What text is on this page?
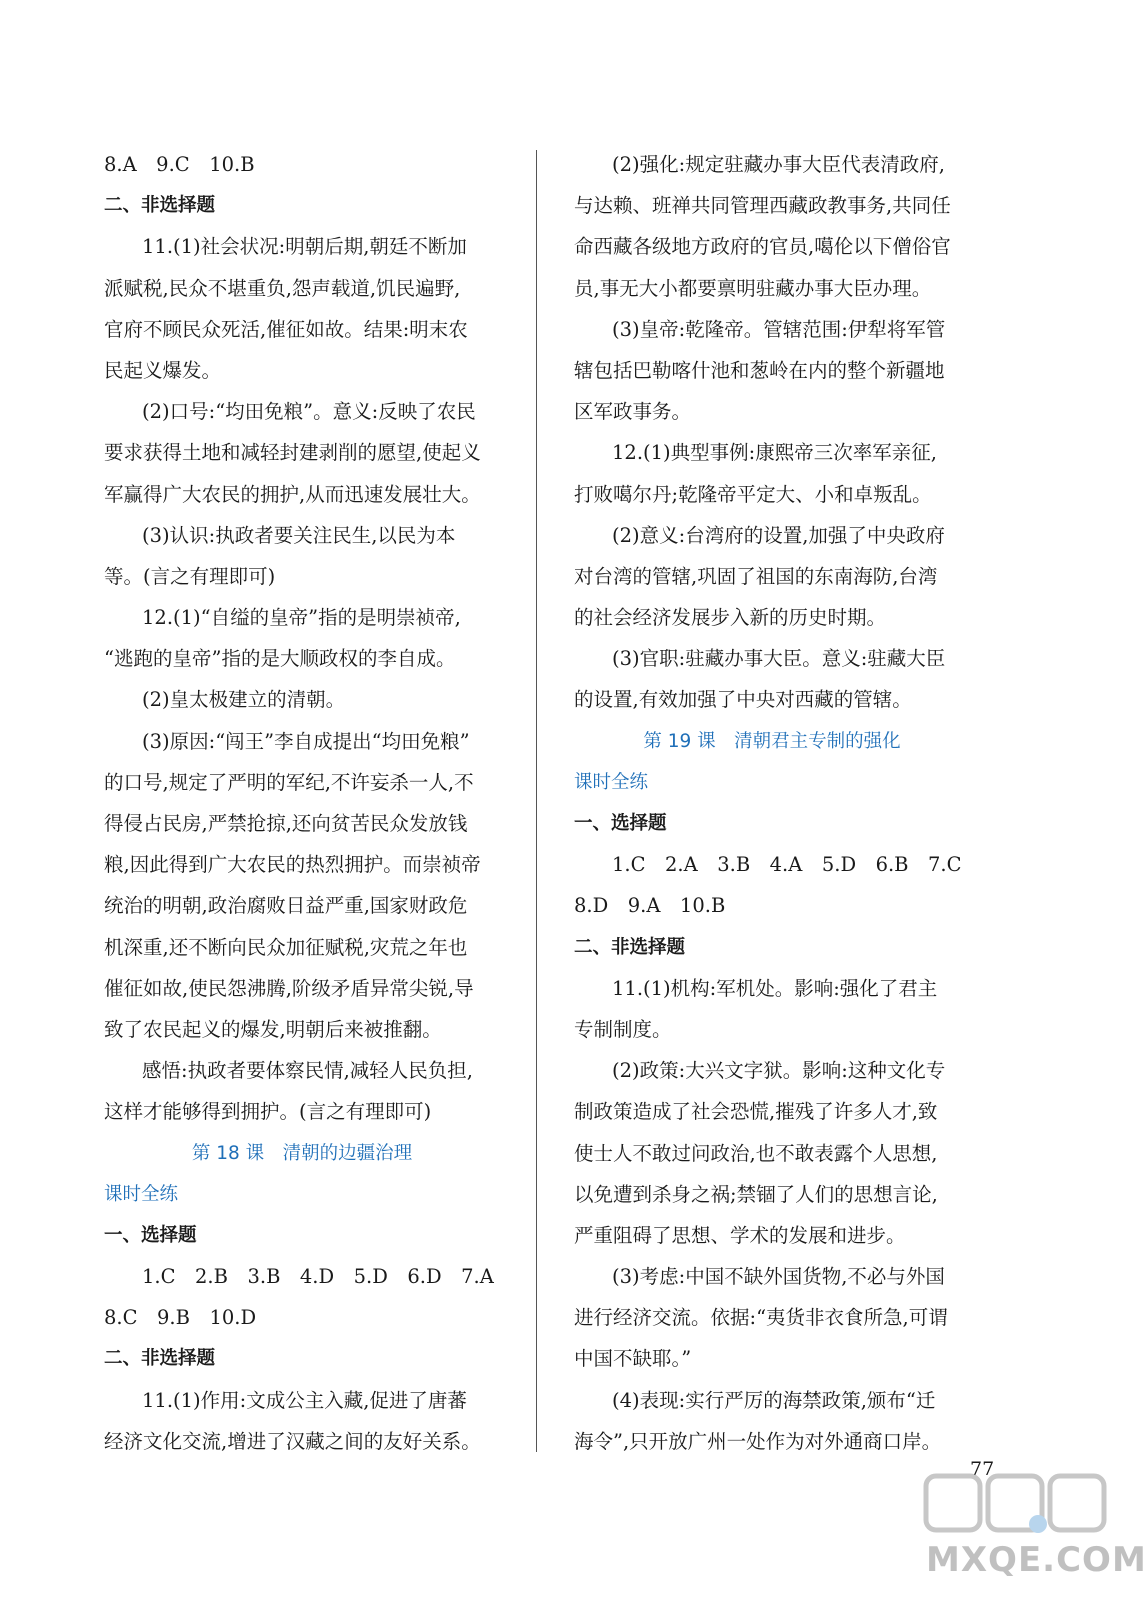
8.A　9.C　10.B
二、非选择题
11.(1)社会状况:明朝后期,朝廷不断加
派赋税,民众不堪重负,怨声载道,饥民遍野,
官府不顾民众死活,催征如故。结果:明末农
民起义爆发。
(2)口号:“均田免粮”。意义:反映了农民
要求获得土地和减轻封建剥削的愿望,使起义
军赢得广大农民的拥护,从而迅速发展壮大。
(3)认识:执政者要关注民生,以民为本
等。(言之有理即可)
12.(1)“自缢的皇帝”指的是明崇祯帝,
“逃跑的皇帝”指的是大顺政权的李自成。
(2)皇太极建立的清朝。
(3)原因:“闯王”李自成提出“均田免粮”
的口号,规定了严明的军纪,不许妄杀一人,不
得侵占民房,严禁抢掠,还向贫苦民众发放钱
粮,因此得到广大农民的热烈拥护。而崇祯帝
统治的明朝,政治腐败日益严重,国家财政危
机深重,还不断向民众加征赋税,灾荒之年也
催征如故,使民怨沸腾,阶级矛盾异常尖锐,导
致了农民起义的爆发,明朝后来被推翻。
感悟:执政者要体察民情,减轻人民负担,
这样才能够得到拥护。(言之有理即可)
第 18 课　清朝的边疆治理
课时全练
一、选择题
1.C　2.B　3.B　4.D　5.D　6.D　7.A
8.C　9.B　10.D
二、非选择题
11.(1)作用:文成公主入藏,促进了唐蕃
经济文化交流,增进了汉藏之间的友好关系。
(2)强化:规定驻藏办事大臣代表清政府,
与达赖、班禅共同管理西藏政教事务,共同任
命西藏各级地方政府的官员,噶伦以下僧俗官
员,事无大小都要禀明驻藏办事大臣办理。
(3)皇帝:乾隆帝。管辖范围:伊犁将军管
辖包括巴勒喀什池和葱岭在内的整个新疆地
区军政事务。
12.(1)典型事例:康熙帝三次率军亲征,
打败噶尔丹;乾隆帝平定大、小和卓叛乱。
(2)意义:台湾府的设置,加强了中央政府
对台湾的管辖,巩固了祖国的东南海防,台湾
的社会经济发展步入新的历史时期。
(3)官职:驻藏办事大臣。意义:驻藏大臣
的设置,有效加强了中央对西藏的管辖。
第 19 课　清朝君主专制的强化
课时全练
一、选择题
1.C　2.A　3.B　4.A　5.D　6.B　7.C
8.D　9.A　10.B
二、非选择题
11.(1)机构:军机处。影响:强化了君主
专制制度。
(2)政策:大兴文字狱。影响:这种文化专
制政策造成了社会恐慌,摧残了许多人才,致
使士人不敢过问政治,也不敢表露个人思想,
以免遭到杀身之祸;禁锢了人们的思想言论,
严重阻碍了思想、学术的发展和进步。
(3)考虑:中国不缺外国货物,不必与外国
进行经济交流。依据:“夷货非衣食所急,可谓
中国不缺耶。”
(4)表现:实行严厉的海禁政策,颁布“迁
海令”,只开放广州一处作为对外通商口岸。
77
MXQE.COM
